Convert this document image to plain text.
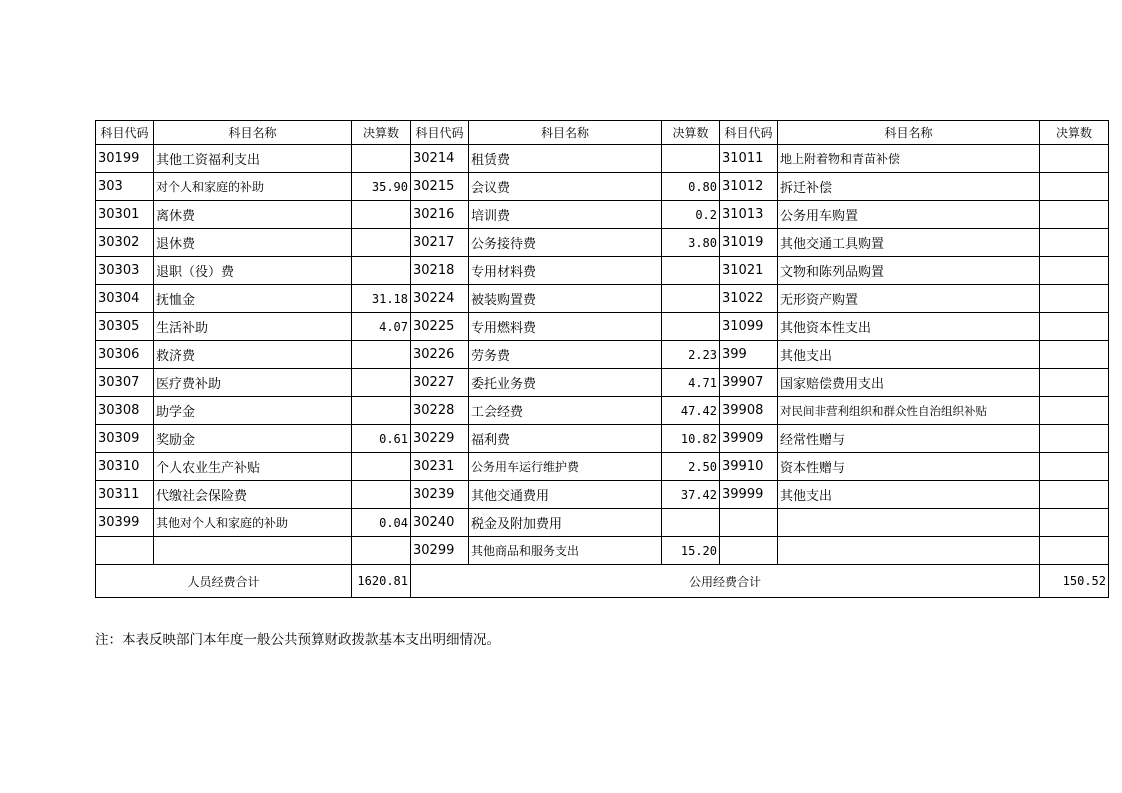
科目代码	科目名称	决算数	科目代码	科目名称	决算数	科目代码	科目名称	决算数
30199	其他工资福利支出		30214	租赁费		31011	地上附着物和青苗补偿	
303	对个人和家庭的补助	35.90	30215	会议费	0.80	31012	拆迁补偿	
30301	离休费		30216	培训费	0.2	31013	公务用车购置	
30302	退休费		30217	公务接待费	3.80	31019	其他交通工具购置	
30303	退职（役）费		30218	专用材料费		31021	文物和陈列品购置	
30304	抚恤金	31.18	30224	被装购置费		31022	无形资产购置	
30305	生活补助	4.07	30225	专用燃料费		31099	其他资本性支出	
30306	救济费		30226	劳务费	2.23	399	其他支出	
30307	医疗费补助		30227	委托业务费	4.71	39907	国家赔偿费用支出	
30308	助学金		30228	工会经费	47.42	39908	对民间非营利组织和群众性自治组织补贴	
30309	奖励金	0.61	30229	福利费	10.82	39909	经常性赠与	
30310	个人农业生产补贴		30231	公务用车运行维护费	2.50	39910	资本性赠与	
30311	代缴社会保险费		30239	其他交通费用	37.42	39999	其他支出	
30399	其他对个人和家庭的补助	0.04	30240	税金及附加费用				
			30299	其他商品和服务支出	15.20			
人员经费合计		1620.81	公用经费合计					150.52
注：本表反映部门本年度一般公共预算财政拨款基本支出明细情况。
